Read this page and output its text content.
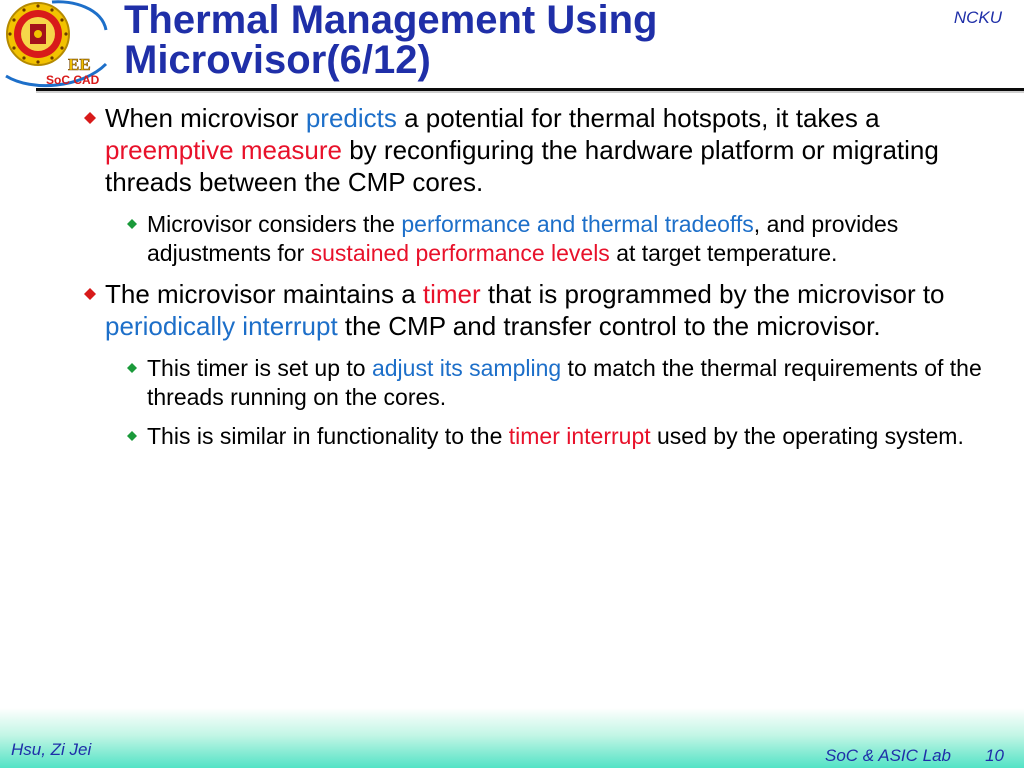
EE
SoC CAD
Thermal Management Using
Microvisor(6/12)
NCKU
When microvisor predicts a potential for thermal hotspots, it takes a preemptive measure by reconfiguring the hardware platform or migrating threads between the CMP cores.
Microvisor considers the performance and thermal tradeoffs, and provides adjustments for sustained performance levels at target temperature.
The microvisor maintains a timer that is programmed by the microvisor to periodically interrupt the CMP and transfer control to the microvisor.
This timer is set up to adjust its sampling to match the thermal requirements of the threads running on the cores.
This is similar in functionality to the timer interrupt used by the operating system.
Hsu, Zi Jei	SoC & ASIC Lab 10
